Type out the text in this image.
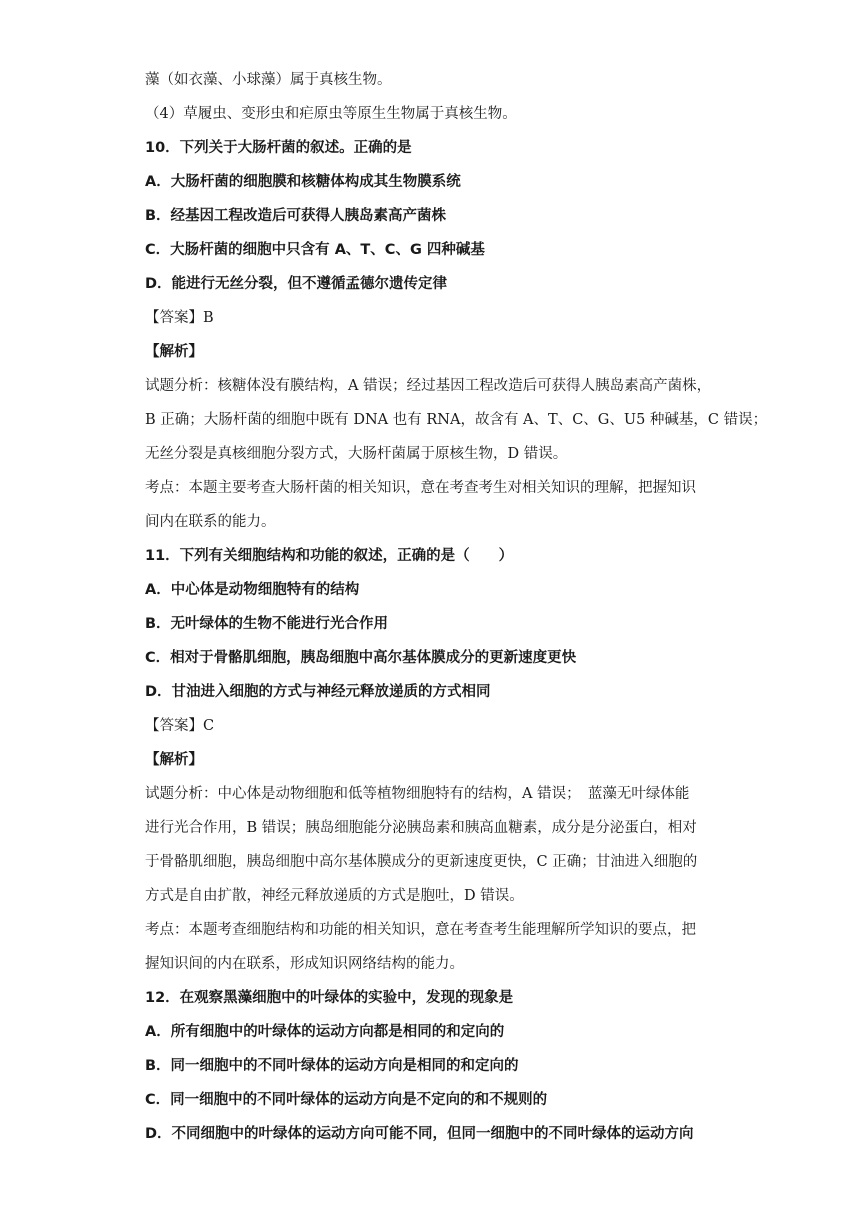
藻（如衣藻、小球藻）属于真核生物。
（4）草履虫、变形虫和疟原虫等原生生物属于真核生物。
10．下列关于大肠杆菌的叙述。正确的是
A．大肠杆菌的细胞膜和核糖体构成其生物膜系统
B．经基因工程改造后可获得人胰岛素高产菌株
C．大肠杆菌的细胞中只含有 A、T、C、G 四种碱基
D．能进行无丝分裂，但不遵循孟德尔遗传定律
【答案】B
【解析】
试题分析：核糖体没有膜结构，A 错误；经过基因工程改造后可获得人胰岛素高产菌株，
B 正确；大肠杆菌的细胞中既有 DNA 也有 RNA，故含有 A、T、C、G、U5 种碱基，C 错误；
无丝分裂是真核细胞分裂方式，大肠杆菌属于原核生物，D 错误。
考点：本题主要考查大肠杆菌的相关知识，意在考查考生对相关知识的理解，把握知识
间内在联系的能力。
11．下列有关细胞结构和功能的叙述，正确的是（　　）
A．中心体是动物细胞特有的结构
B．无叶绿体的生物不能进行光合作用
C．相对于骨骼肌细胞，胰岛细胞中高尔基体膜成分的更新速度更快
D．甘油进入细胞的方式与神经元释放递质的方式相同
【答案】C
【解析】
试题分析：中心体是动物细胞和低等植物细胞特有的结构，A 错误；　蓝藻无叶绿体能
进行光合作用，B 错误；胰岛细胞能分泌胰岛素和胰高血糖素，成分是分泌蛋白，相对
于骨骼肌细胞，胰岛细胞中高尔基体膜成分的更新速度更快，C 正确；甘油进入细胞的
方式是自由扩散，神经元释放递质的方式是胞吐，D 错误。
考点：本题考查细胞结构和功能的相关知识，意在考查考生能理解所学知识的要点，把
握知识间的内在联系，形成知识网络结构的能力。
12．在观察黑藻细胞中的叶绿体的实验中，发现的现象是
A．所有细胞中的叶绿体的运动方向都是相同的和定向的
B．同一细胞中的不同叶绿体的运动方向是相同的和定向的
C．同一细胞中的不同叶绿体的运动方向是不定向的和不规则的
D．不同细胞中的叶绿体的运动方向可能不同，但同一细胞中的不同叶绿体的运动方向
